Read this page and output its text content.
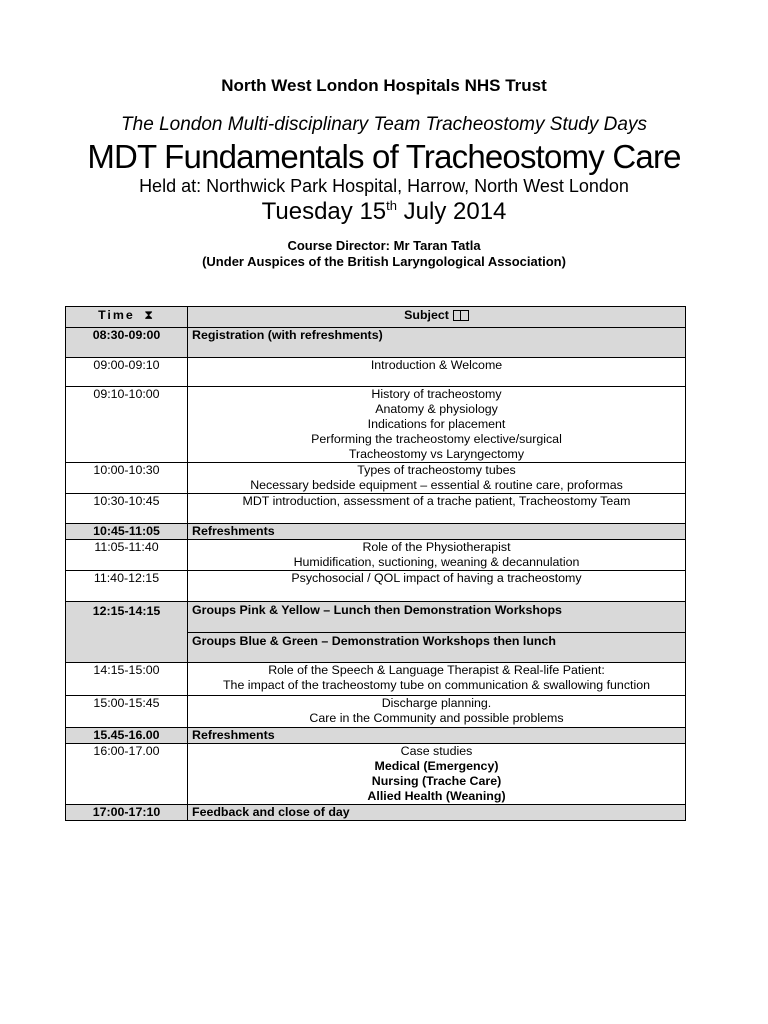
North West London Hospitals NHS Trust
The London Multi-disciplinary Team Tracheostomy Study Days
MDT Fundamentals of Tracheostomy Care
Held at: Northwick Park Hospital, Harrow, North West London
Tuesday 15th July 2014
Course Director: Mr Taran Tatla
(Under Auspices of the British Laryngological Association)
Time ⧗	Subject
08:30-09:00	Registration (with refreshments)

09:00-09:10	Introduction & Welcome

09:10-10:00	History of tracheostomy
Anatomy & physiology
Indications for placement
Performing the tracheostomy elective/surgical
Tracheostomy vs Laryngectomy

10:00-10:30	Types of tracheostomy tubes
Necessary bedside equipment – essential & routine care, proformas

10:30-10:45	MDT introduction, assessment of a trache patient, Tracheostomy Team

10:45-11:05	Refreshments

11:05-11:40	Role of the Physiotherapist
Humidification, suctioning, weaning & decannulation

11:40-12:15	Psychosocial / QOL impact of having a tracheostomy

12:15-14:15	Groups Pink & Yellow – Lunch then Demonstration Workshops

	Groups Blue & Green – Demonstration Workshops then lunch

14:15-15:00	Role of the Speech & Language Therapist & Real-life Patient:
The impact of the tracheostomy tube on communication & swallowing function

15:00-15:45	Discharge planning.
Care in the Community and possible problems

15.45-16.00	Refreshments

16:00-17.00	Case studies
Medical (Emergency)
Nursing (Trache Care)
Allied Health (Weaning)

17:00-17:10	Feedback and close of day
